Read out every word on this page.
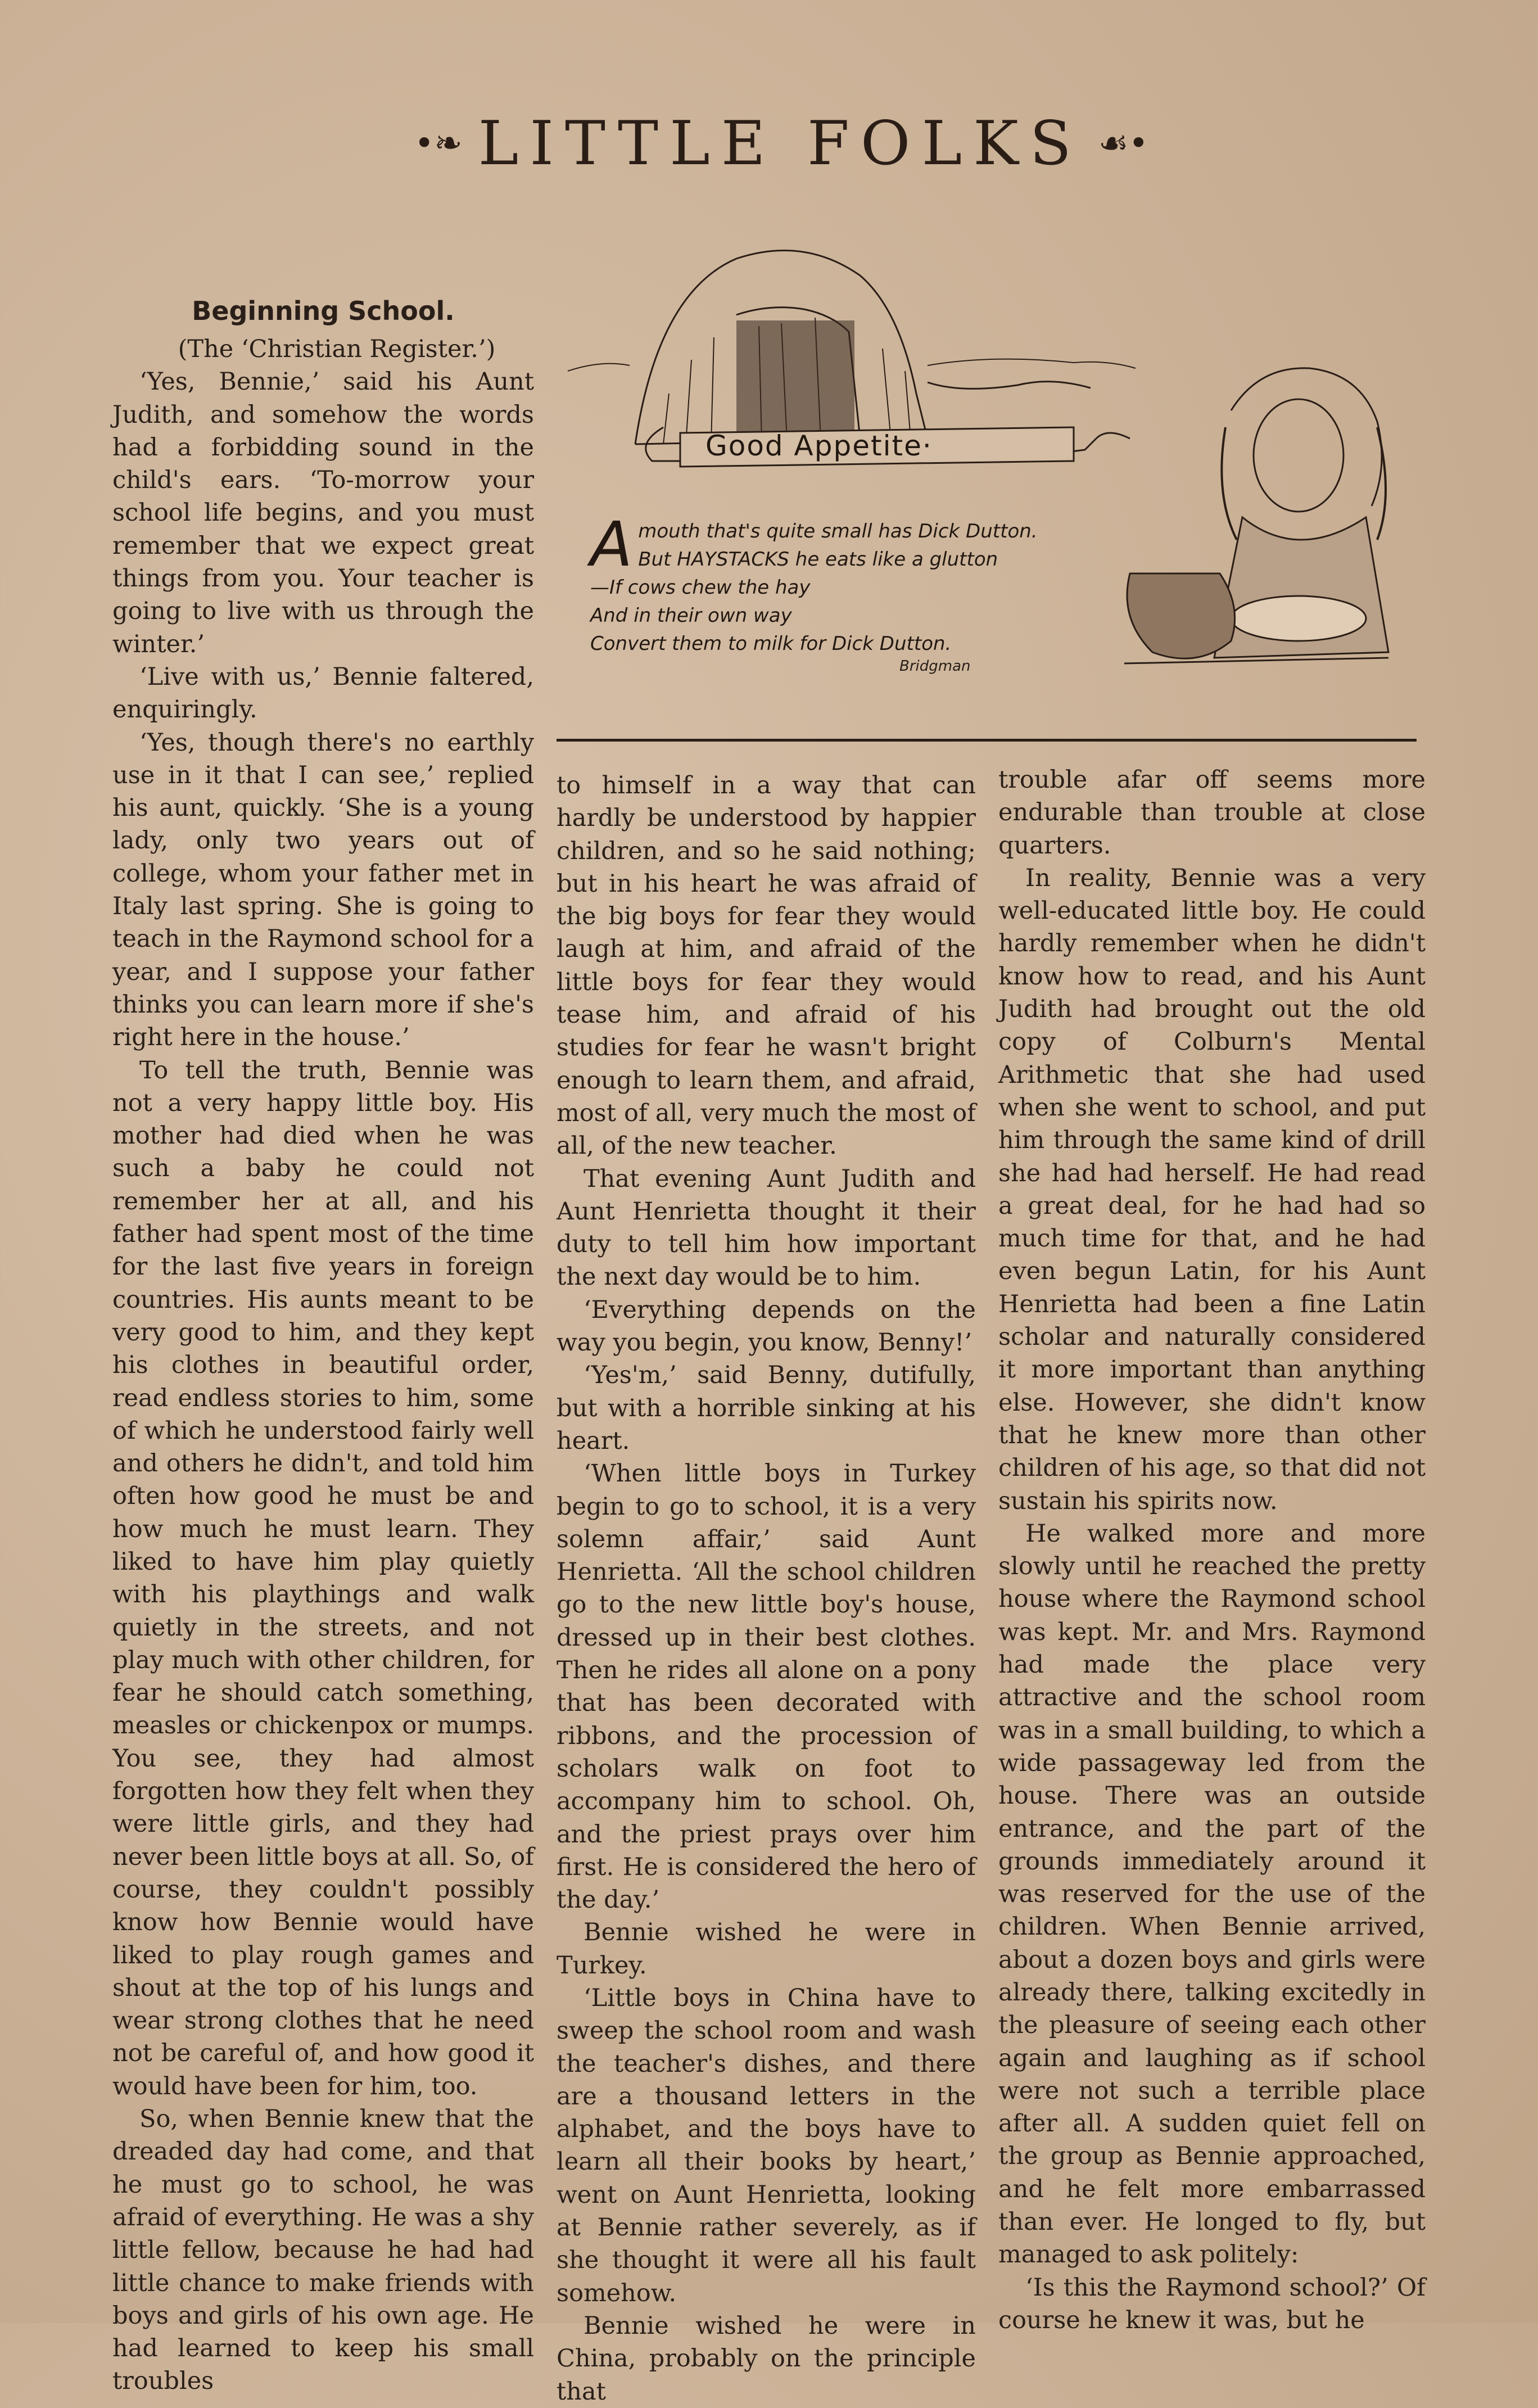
•❧ LITTLE FOLKS ☙•
Good Appetite·
A mouth that's quite small has Dick Dutton.
But HAYSTACKS he eats like a glutton
—If cows chew the hay
And in their own way
Convert them to milk for Dick Dutton.
Bridgman
Beginning School.

(The ‘Christian Register.’)

‘Yes, Bennie,’ said his Aunt Judith, and somehow the words had a forbidding sound in the child's ears. ‘To-morrow your school life begins, and you must remember that we expect great things from you. Your teacher is going to live with us through the winter.’

‘Live with us,’ Bennie faltered, enquiringly.

‘Yes, though there's no earthly use in it that I can see,’ replied his aunt, quickly. ‘She is a young lady, only two years out of college, whom your father met in Italy last spring. She is going to teach in the Raymond school for a year, and I suppose your father thinks you can learn more if she's right here in the house.’

To tell the truth, Bennie was not a very happy little boy. His mother had died when he was such a baby he could not remember her at all, and his father had spent most of the time for the last five years in foreign countries. His aunts meant to be very good to him, and they kept his clothes in beautiful order, read endless stories to him, some of which he understood fairly well and others he didn't, and told him often how good he must be and how much he must learn. They liked to have him play quietly with his playthings and walk quietly in the streets, and not play much with other children, for fear he should catch something, measles or chickenpox or mumps. You see, they had almost forgotten how they felt when they were little girls, and they had never been little boys at all. So, of course, they couldn't possibly know how Bennie would have liked to play rough games and shout at the top of his lungs and wear strong clothes that he need not be careful of, and how good it would have been for him, too.

So, when Bennie knew that the dreaded day had come, and that he must go to school, he was afraid of everything. He was a shy little fellow, because he had had little chance to make friends with boys and girls of his own age. He had learned to keep his small troubles

to himself in a way that can hardly be understood by happier children, and so he said nothing; but in his heart he was afraid of the big boys for fear they would laugh at him, and afraid of the little boys for fear they would tease him, and afraid of his studies for fear he wasn't bright enough to learn them, and afraid, most of all, very much the most of all, of the new teacher.

That evening Aunt Judith and Aunt Henrietta thought it their duty to tell him how important the next day would be to him.

‘Everything depends on the way you begin, you know, Benny!’

‘Yes'm,’ said Benny, dutifully, but with a horrible sinking at his heart.

‘When little boys in Turkey begin to go to school, it is a very solemn affair,’ said Aunt Henrietta. ‘All the school children go to the new little boy's house, dressed up in their best clothes. Then he rides all alone on a pony that has been decorated with ribbons, and the procession of scholars walk on foot to accompany him to school. Oh, and the priest prays over him first. He is considered the hero of the day.’

Bennie wished he were in Turkey.

‘Little boys in China have to sweep the school room and wash the teacher's dishes, and there are a thousand letters in the alphabet, and the boys have to learn all their books by heart,’ went on Aunt Henrietta, looking at Bennie rather severely, as if she thought it were all his fault somehow.

Bennie wished he were in China, probably on the principle that

trouble afar off seems more endurable than trouble at close quarters.

In reality, Bennie was a very well-educated little boy. He could hardly remember when he didn't know how to read, and his Aunt Judith had brought out the old copy of Colburn's Mental Arithmetic that she had used when she went to school, and put him through the same kind of drill she had had herself. He had read a great deal, for he had had so much time for that, and he had even begun Latin, for his Aunt Henrietta had been a fine Latin scholar and naturally considered it more important than anything else. However, she didn't know that he knew more than other children of his age, so that did not sustain his spirits now.

He walked more and more slowly until he reached the pretty house where the Raymond school was kept. Mr. and Mrs. Raymond had made the place very attractive and the school room was in a small building, to which a wide passageway led from the house. There was an outside entrance, and the part of the grounds immediately around it was reserved for the use of the children. When Bennie arrived, about a dozen boys and girls were already there, talking excitedly in the pleasure of seeing each other again and laughing as if school were not such a terrible place after all. A sudden quiet fell on the group as Bennie approached, and he felt more embarrassed than ever. He longed to fly, but managed to ask politely:

‘Is this the Raymond school?’ Of course he knew it was, but he
